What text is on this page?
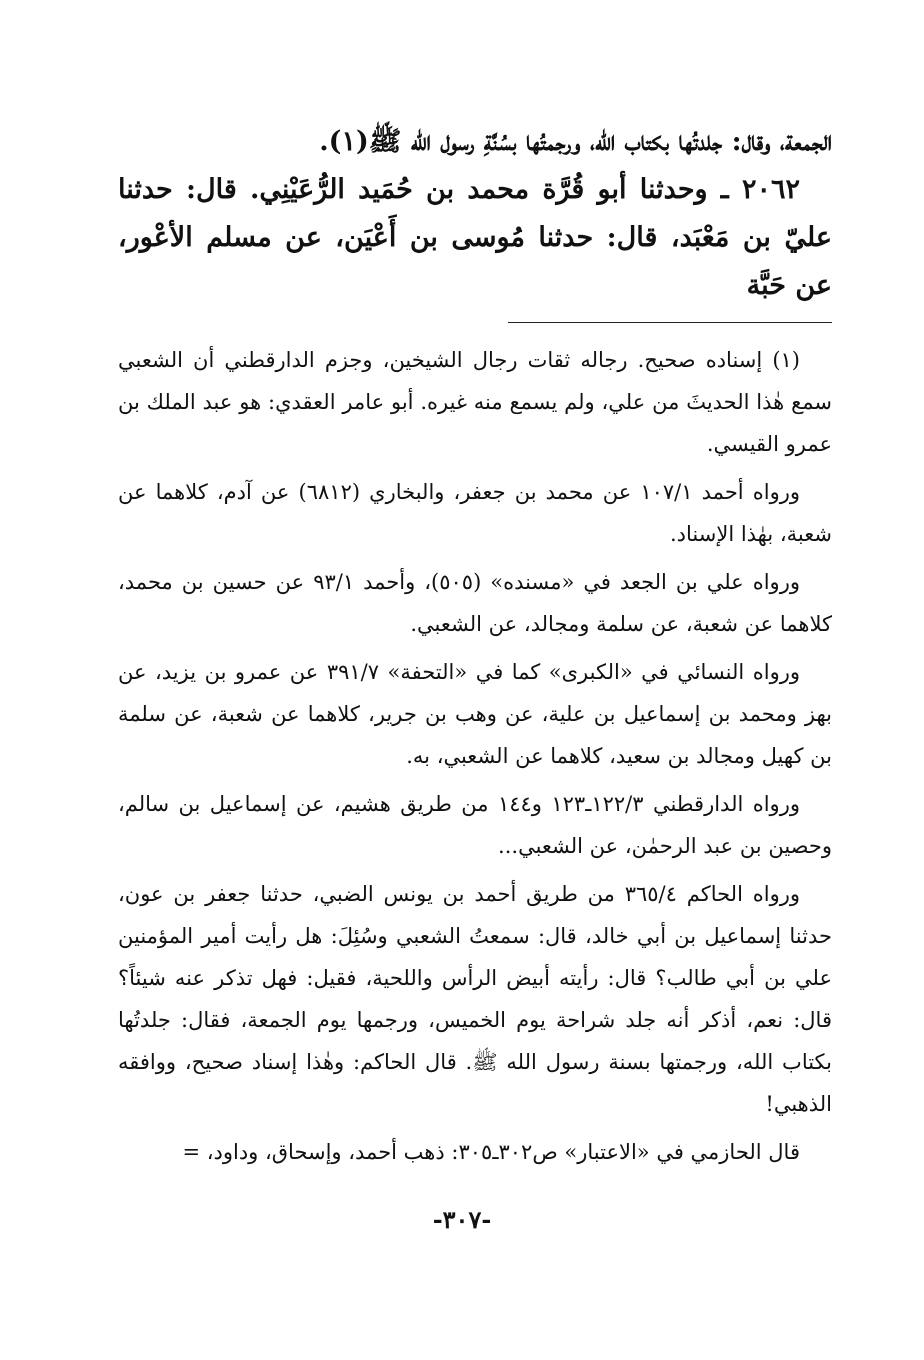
الجمعة، وقال: جلدتُها بكتاب الله، ورجمتُها بسُنَّةِ رسول الله ﷺ(١).

٢٠٦٢ ـ وحدثنا أبو قُرَّة محمد بن حُمَيد الرُّعَيْنِي. قال: حدثنا عليّ بن مَعْبَد، قال: حدثنا مُوسى بن أَعْيَن، عن مسلم الأعْور، عن حَبَّة

(١) إسناده صحيح. رجاله ثقات رجال الشيخين، وجزم الدارقطني أن الشعبي سمع هٰذا الحديثَ من علي، ولم يسمع منه غيره. أبو عامر العقدي: هو عبد الملك بن عمرو القيسي.

ورواه أحمد ١٠٧/١ عن محمد بن جعفر، والبخاري (٦٨١٢) عن آدم، كلاهما عن شعبة، بهٰذا الإسناد.

ورواه علي بن الجعد في «مسنده» (٥٠٥)، وأحمد ٩٣/١ عن حسين بن محمد، كلاهما عن شعبة، عن سلمة ومجالد، عن الشعبي.

ورواه النسائي في «الكبرى» كما في «التحفة» ٣٩١/٧ عن عمرو بن يزيد، عن بهز ومحمد بن إسماعيل بن علية، عن وهب بن جرير، كلاهما عن شعبة، عن سلمة بن كهيل ومجالد بن سعيد، كلاهما عن الشعبي، به.

ورواه الدارقطني ١٢٢/٣ـ١٢٣ و١٤٤ من طريق هشيم، عن إسماعيل بن سالم، وحصين بن عبد الرحمٰن، عن الشعبي...

ورواه الحاكم ٣٦٥/٤ من طريق أحمد بن يونس الضبي، حدثنا جعفر بن عون، حدثنا إسماعيل بن أبي خالد، قال: سمعتُ الشعبي وسُئِلَ: هل رأيت أمير المؤمنين علي بن أبي طالب؟ قال: رأيته أبيض الرأس واللحية، فقيل: فهل تذكر عنه شيئاً؟ قال: نعم، أذكر أنه جلد شراحة يوم الخميس، ورجمها يوم الجمعة، فقال: جلدتُها بكتاب الله، ورجمتها بسنة رسول الله ﷺ. قال الحاكم: وهٰذا إسناد صحيح، ووافقه الذهبي!

قال الحازمي في «الاعتبار» ص٣٠٢ـ٣٠٥: ذهب أحمد، وإسحاق، وداود، =

-٣٠٧-
